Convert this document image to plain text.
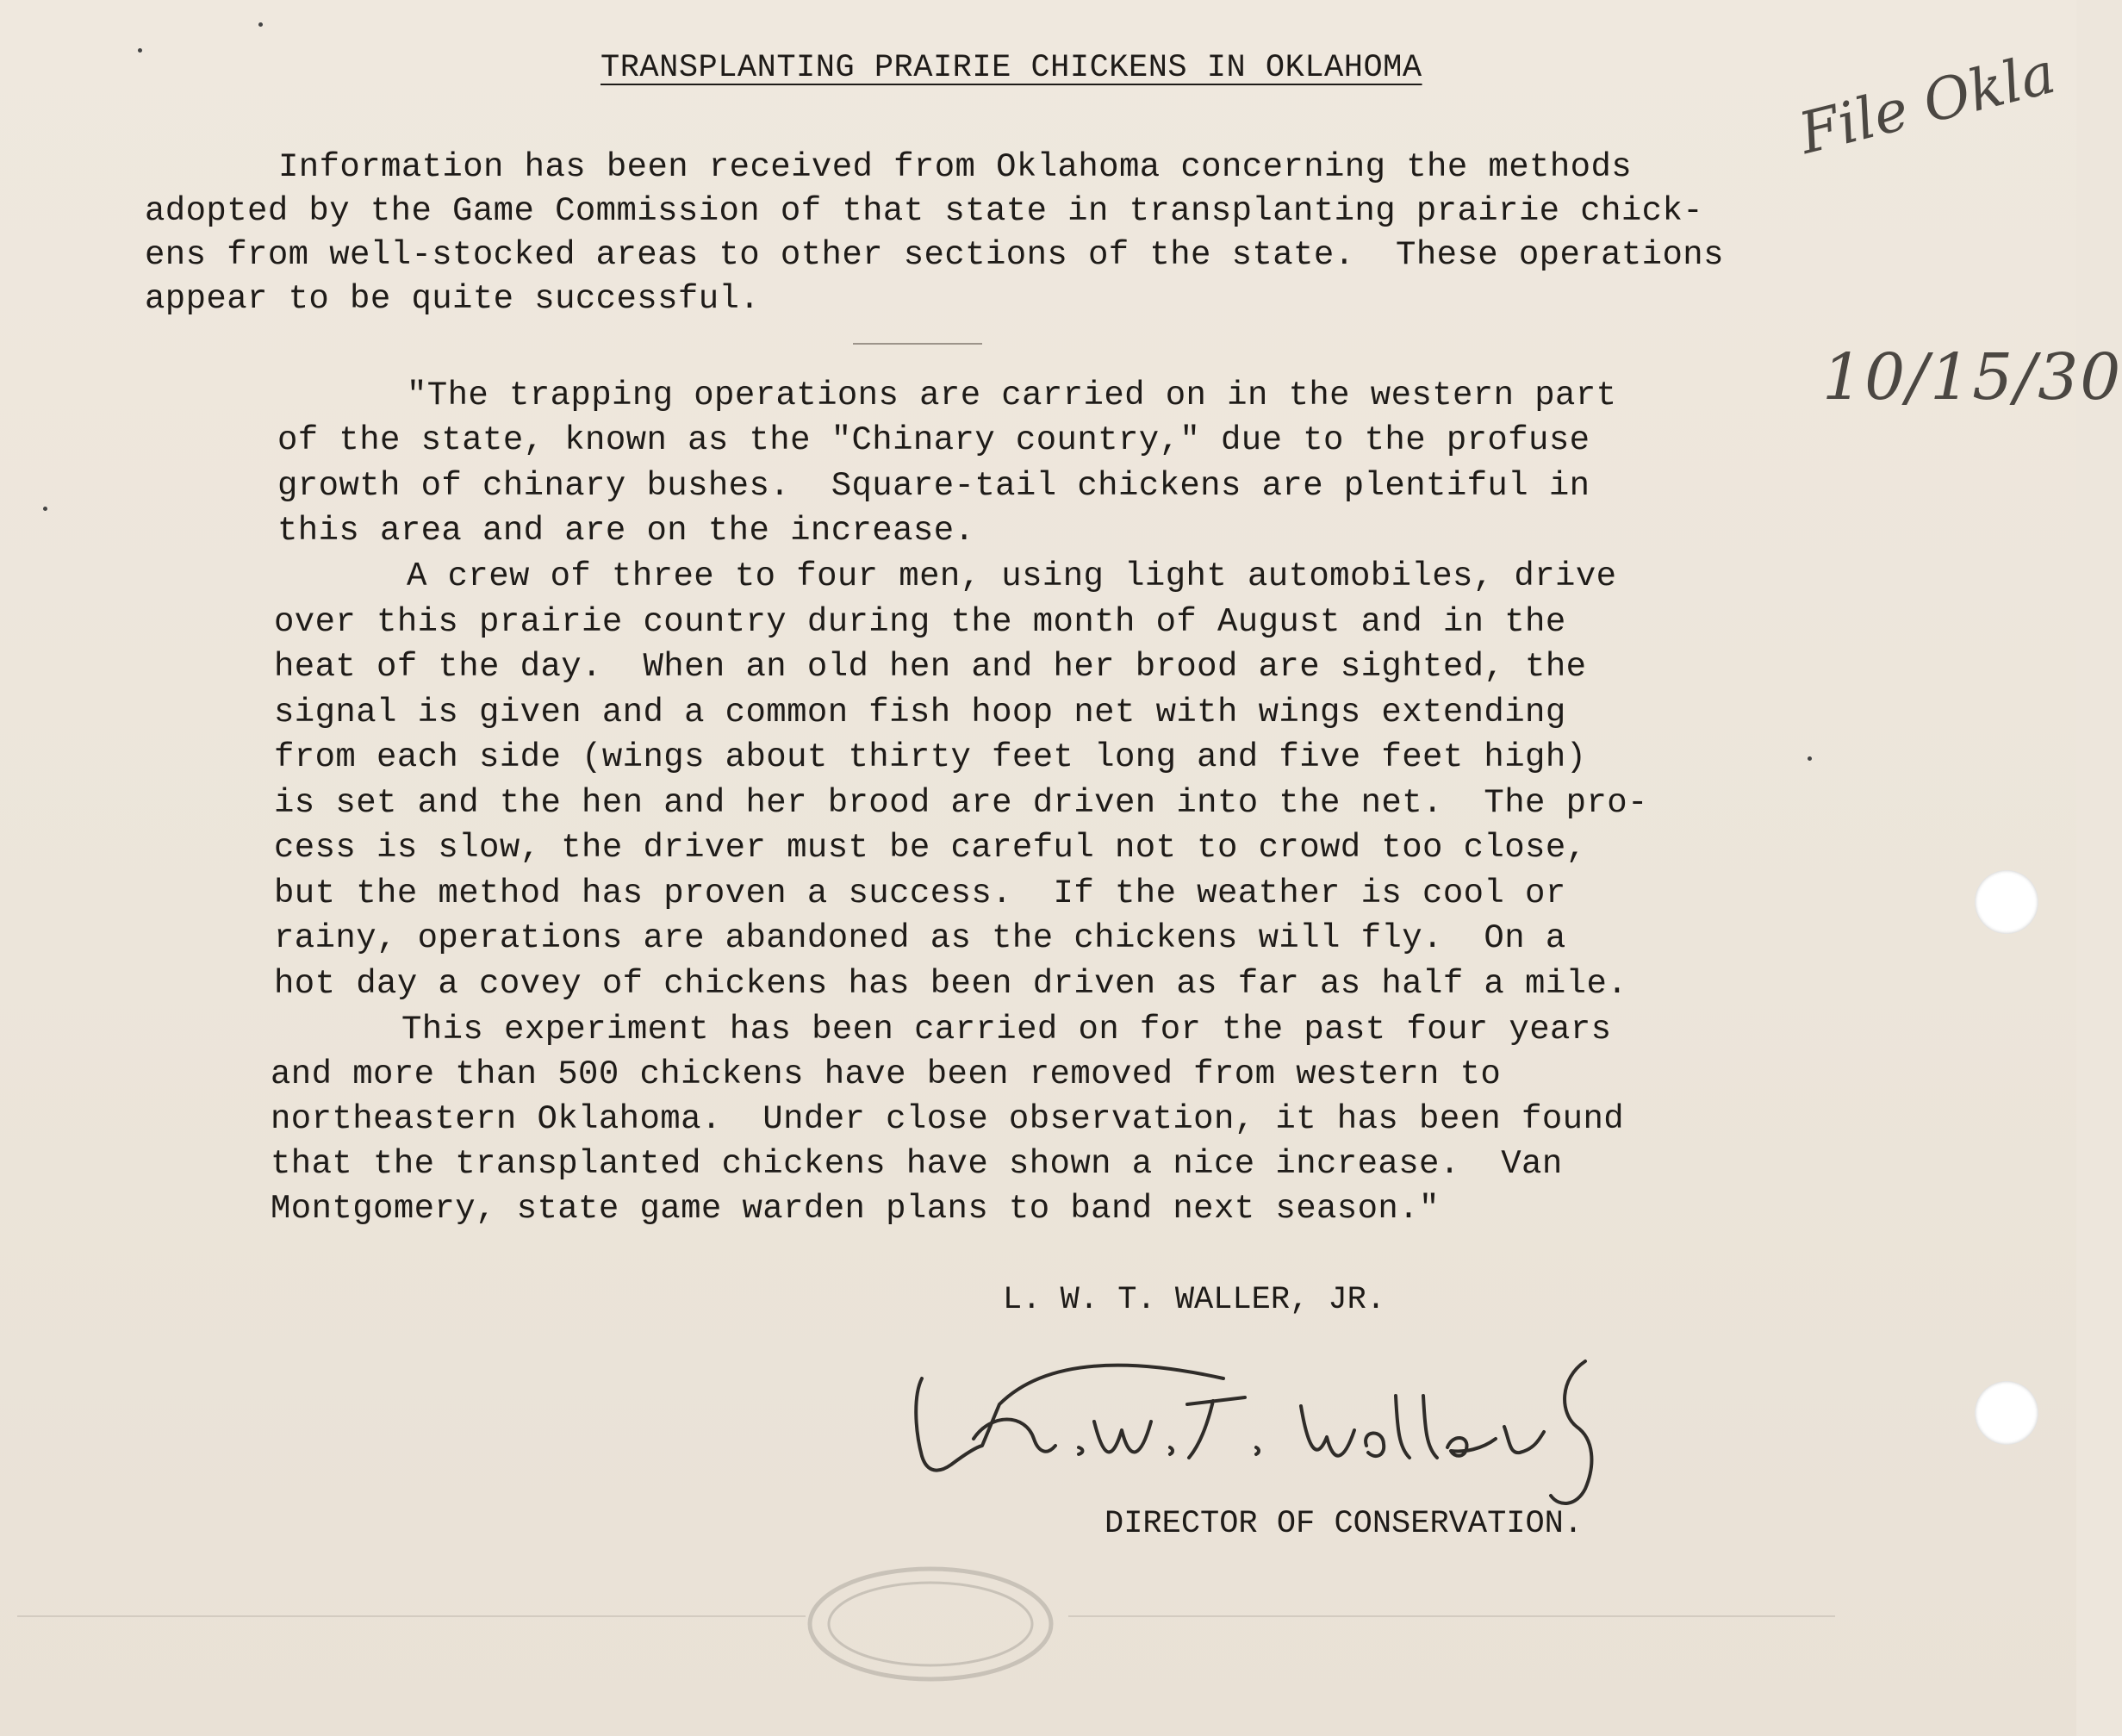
TRANSPLANTING PRAIRIE CHICKENS IN OKLAHOMA
Information has been received from Oklahoma concerning the methods
adopted by the Game Commission of that state in transplanting prairie chick-
ens from well-stocked areas to other sections of the state.  These operations
appear to be quite successful.
"The trapping operations are carried on in the western part
of the state, known as the "Chinary country," due to the profuse
growth of chinary bushes.  Square-tail chickens are plentiful in
this area and are on the increase.
A crew of three to four men, using light automobiles, drive
over this prairie country during the month of August and in the
heat of the day.  When an old hen and her brood are sighted, the
signal is given and a common fish hoop net with wings extending
from each side (wings about thirty feet long and five feet high)
is set and the hen and her brood are driven into the net.  The pro-
cess is slow, the driver must be careful not to crowd too close,
but the method has proven a success.  If the weather is cool or
rainy, operations are abandoned as the chickens will fly.  On a
hot day a covey of chickens has been driven as far as half a mile.
This experiment has been carried on for the past four years
and more than 500 chickens have been removed from western to
northeastern Oklahoma.  Under close observation, it has been found
that the transplanted chickens have shown a nice increase.  Van
Montgomery, state game warden plans to band next season."
L. W. T. WALLER, JR.
DIRECTOR OF CONSERVATION.
File Okla
10/15/30
